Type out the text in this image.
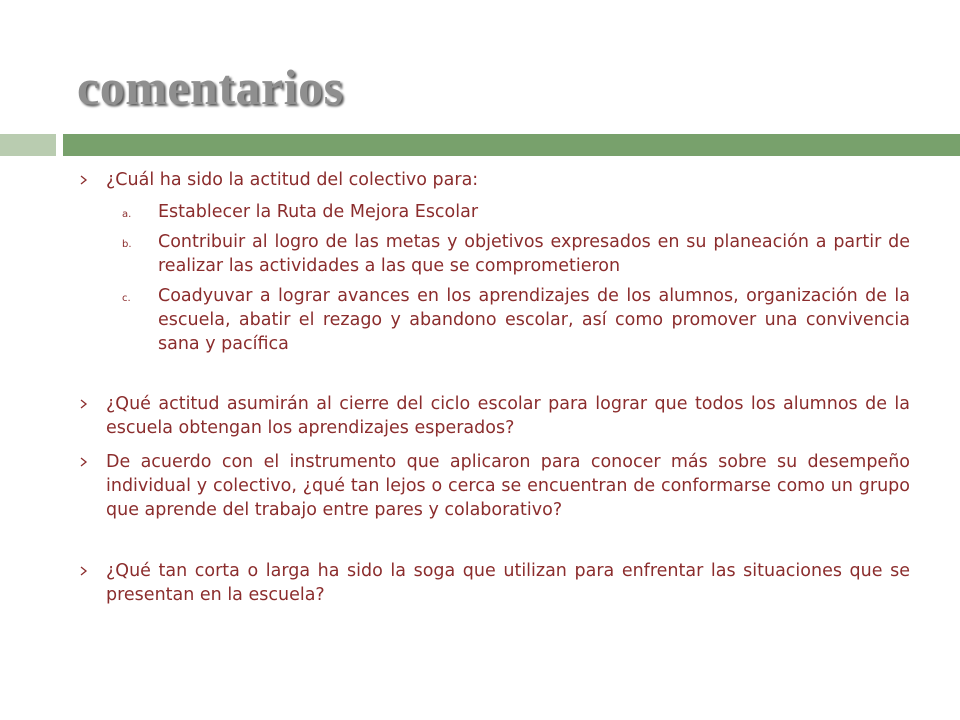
comentarios
¿Cuál ha sido la actitud del colectivo para:
a. Establecer la Ruta de Mejora Escolar
b. Contribuir al logro de las metas y objetivos expresados en su planeación a partir de realizar las actividades a las que se comprometieron
c. Coadyuvar a lograr avances en los aprendizajes de los alumnos, organización de la escuela, abatir el rezago y abandono escolar, así como promover una convivencia sana y pacífica
¿Qué actitud asumirán al cierre del ciclo escolar para lograr que todos los alumnos de la escuela obtengan los aprendizajes esperados?
De acuerdo con el instrumento que aplicaron para conocer más sobre su desempeño individual y colectivo, ¿qué tan lejos o cerca se encuentran de conformarse como un grupo que aprende del trabajo entre pares y colaborativo?
¿Qué tan corta o larga ha sido la soga que utilizan para enfrentar las situaciones que se presentan en la escuela?
